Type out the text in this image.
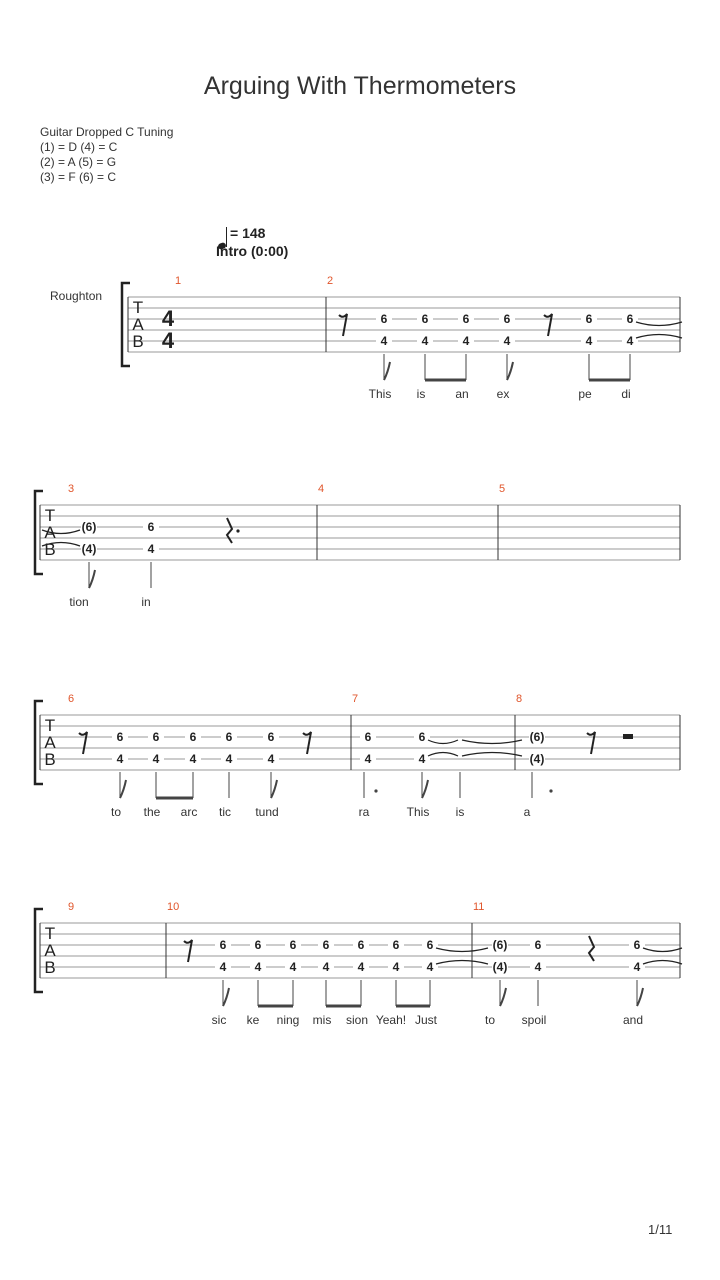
Arguing With Thermometers
Guitar Dropped C Tuning
(1) = D (4) = C
(2) = A (5) = G
(3) = F (6) = C
= 148
Intro (0:00)
Roughton
T
A
B
4
4
1	2
T
A
B
3	4	5
T
A
B
6	7	8
T
A
B
9	10	11
6
4
6
4
6
4
6
4
6
4
6
4
This is an ex	pe di
(6)
(4)
6
4
tion	in
6
4
6
4
6
4
6
4
6
4
to the arc tic tund
6
4
6
4
ra	This is
(6)
(4)
a
6
4
6
4
6
4
6
4
6
4
6
4
6
4
(6)
(4)
6
4
6
4
sic ke ning mis sion Yeah! Just	to spoil	and
1/11
